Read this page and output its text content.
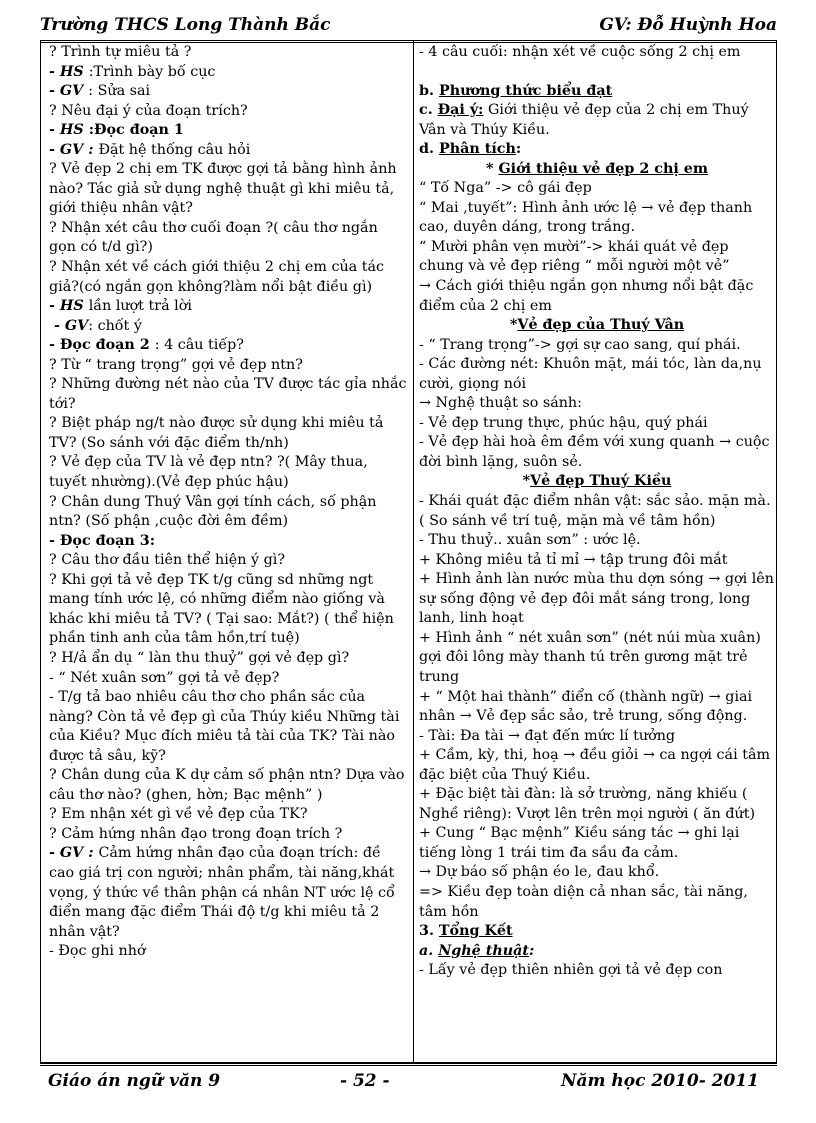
Trường THCS Long Thành Bắc	GV: Đỗ Huỳnh Hoa

? Trình tự miêu tả ?

- HS :Trình bày bố cục

- GV : Sửa sai

? Nêu đại ý của đoạn trích?

- HS :Đọc đoạn 1

- GV : Đặt hệ thống câu hỏi

? Vẻ đẹp 2 chị em TK được gợi tả bằng hình ảnh nào? Tác giả sử dụng nghệ thuật gì khi miêu tả, giới thiệu nhân vật?

? Nhận xét câu thơ cuối đoạn ?( câu thơ ngắn gọn có t/d gì?)

? Nhận xét về cách giới thiệu 2 chị em của tác giả?(có ngắn gọn không?làm nổi bật điều gì)

- HS lần lượt trả lời

- GV: chốt ý

- Đọc đoạn 2 : 4 câu tiếp?

? Từ “ trang trọng” gợi vẻ đẹp ntn?

? Những đường nét nào của TV được tác gỉa nhắc tới?

? Biệt pháp ng/t nào được sử dụng khi miêu tả TV? (So sánh với đặc điểm th/nh)

? Vẻ đẹp của TV là vẻ đẹp ntn? ?( Mây thua, tuyết nhường).(Vẻ đẹp phúc hậu)

? Chân dung Thuý Vân gợi tính cách, số phận ntn? (Số phận ,cuộc đời êm đềm)

- Đọc đoạn 3:

? Câu thơ đầu tiên thể hiện ý gì?

? Khi gợi tả vẻ đẹp TK t/g cũng sd những ngt mang tính ước lệ, có những điểm nào giống và khác khi miêu tả TV? ( Tại sao: Mắt?) ( thể hiện phần tinh anh của tâm hồn,trí tuệ)

? H/ả ẩn dụ “ làn thu thuỷ” gợi vẻ đẹp gì?

- “ Nét xuân sơn” gợi tả vẻ đẹp?

- T/g tả bao nhiêu câu thơ cho phần sắc của nàng? Còn tả vẻ đẹp gì của Thúy kiều Những tài của Kiều? Mục đích miêu tả tài của TK? Tài nào được tả sâu, kỹ?

? Chân dung của K dự cảm số phận ntn? Dựa vào câu thơ nào? (ghen, hờn; Bạc mệnh” )

? Em nhận xét gì về vẻ đẹp của TK?

? Cảm hứng nhân đạo trong đoạn trích ?

- GV : Cảm hứng nhân đạo của đoạn trích: đề cao giá trị con người; nhân phẩm, tài năng,khát vọng, ý thức về thân phận cá nhân NT ước lệ cổ điển mang đặc điểm Thái độ t/g khi miêu tả 2 nhân vật?

- Đọc ghi nhớ

- 4 câu cuối: nhận xét về cuộc sống 2 chị em

b. Phương thức biểu đạt

c. Đại ý: Giới thiệu vẻ đẹp của 2 chị em Thuý Vân và Thúy Kiều.

d. Phân tích:

* Giới thiệu vẻ đẹp 2 chị em

“ Tố Nga” -> cô gái đẹp

“ Mai ,tuyết”: Hình ảnh ước lệ → vẻ đẹp thanh cao, duyên dáng, trong trắng.

“ Mười phân vẹn mười”-> khái quát vẻ đẹp chung và vẻ đẹp riêng “ mỗi người một vẻ”

→ Cách giới thiệu ngắn gọn nhưng nổi bật đặc điểm của 2 chị em

*Vẻ đẹp của Thuý Vân

- “ Trang trọng”-> gợi sự cao sang, quí phái.

- Các đường nét: Khuôn mặt, mái tóc, làn da,nụ cười, giọng nói

→ Nghệ thuật so sánh:

- Vẻ đẹp trung thực, phúc hậu, quý phái

- Vẻ đẹp hài hoà êm đềm với xung quanh → cuộc đời bình lặng, suôn sẻ.

*Vẻ đẹp Thuý Kiều

- Khái quát đặc điểm nhân vật: sắc sảo. mặn mà.( So sánh về trí tuệ, mặn mà về tâm hồn)

- Thu thuỷ.. xuân sơn” : ước lệ.

+ Không miêu tả tỉ mỉ → tập trung đôi mắt

+ Hình ảnh làn nước mùa thu dợn sóng → gợi lên sự sống động vẻ đẹp đôi mắt sáng trong, long lanh, linh hoạt

+ Hình ảnh “ nét xuân sơn” (nét núi mùa xuân) gợi đôi lông mày thanh tú trên gương mặt trẻ trung

+ “ Một hai thành” điển cố (thành ngữ) → giai nhân → Vẻ đẹp sắc sảo, trẻ trung, sống động.

- Tài: Đa tài → đạt đến mức lí tưởng

+ Cầm, kỳ, thi, hoạ → đều giỏi → ca ngợi cái tâm đặc biệt của Thuý Kiều.

+ Đặc biệt tài đàn: là sở trường, năng khiếu ( Nghề riêng): Vượt lên trên mọi người ( ăn đứt)

+ Cung “ Bạc mệnh” Kiều sáng tác → ghi lại tiếng lòng 1 trái tim đa sầu đa cảm.

→ Dự báo số phận éo le, đau khổ.

=> Kiều đẹp toàn diện cả nhan sắc, tài năng, tâm hồn

3. Tổng Kết

a. Nghệ thuật:

- Lấy vẻ đẹp thiên nhiên gợi tả vẻ đẹp con

Giáo án ngữ văn 9	- 52 -	Năm học 2010- 2011
